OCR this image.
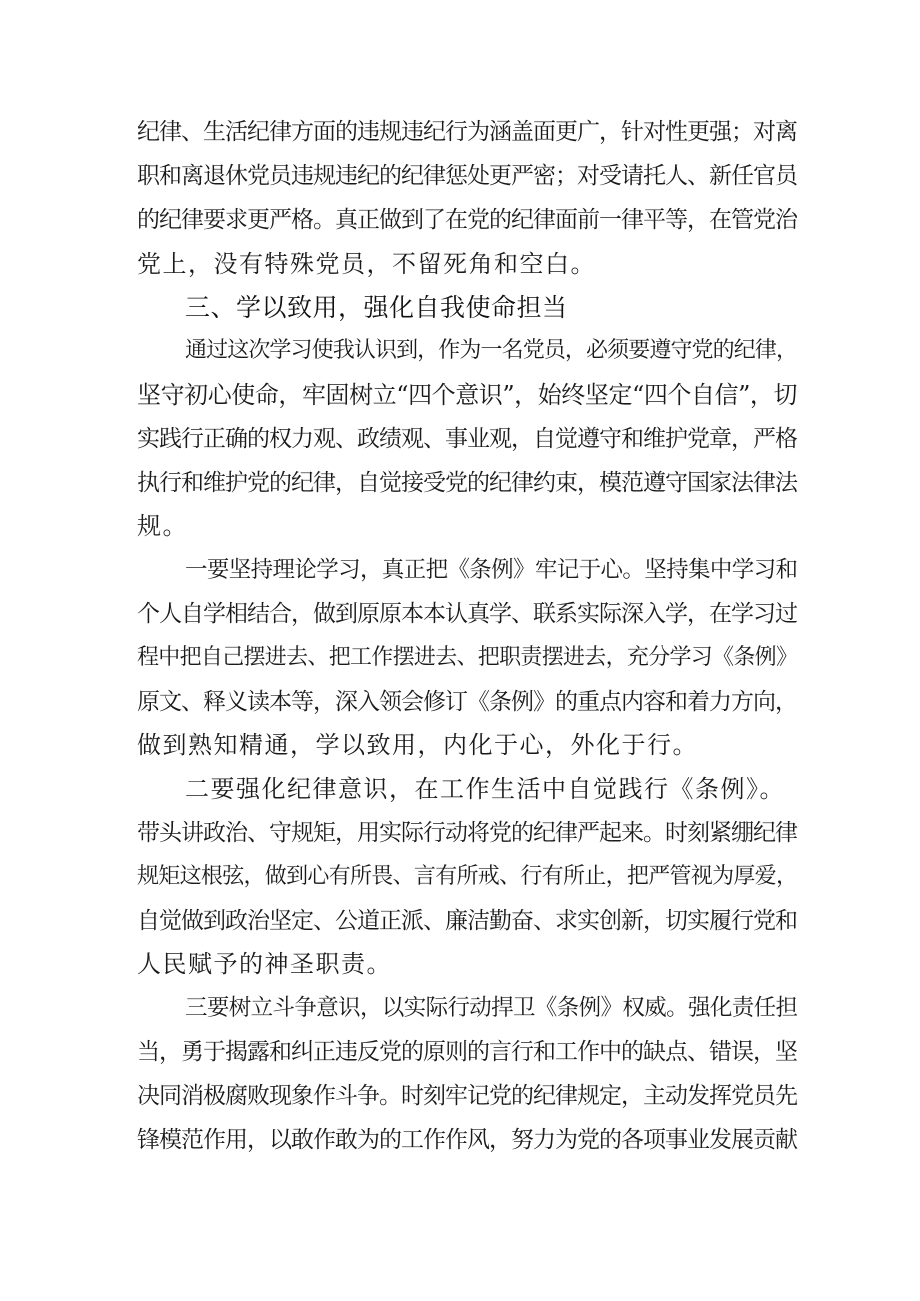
纪律、生活纪律方面的违规违纪行为涵盖面更广，针对性更强；对离
职和离退休党员违规违纪的纪律惩处更严密；对受请托人、新任官员
的纪律要求更严格。真正做到了在党的纪律面前一律平等，在管党治
党上，没有特殊党员，不留死角和空白。
三、学以致用，强化自我使命担当
通过这次学习使我认识到，作为一名党员，必须要遵守党的纪律，
坚守初心使命，牢固树立“四个意识”，始终坚定“四个自信”，切
实践行正确的权力观、政绩观、事业观，自觉遵守和维护党章，严格
执行和维护党的纪律，自觉接受党的纪律约束，模范遵守国家法律法
规。
一要坚持理论学习，真正把《条例》牢记于心。坚持集中学习和
个人自学相结合，做到原原本本认真学、联系实际深入学，在学习过
程中把自己摆进去、把工作摆进去、把职责摆进去，充分学习《条例》
原文、释义读本等，深入领会修订《条例》的重点内容和着力方向，
做到熟知精通，学以致用，内化于心，外化于行。
二要强化纪律意识，在工作生活中自觉践行《条例》。
带头讲政治、守规矩，用实际行动将党的纪律严起来。时刻紧绷纪律
规矩这根弦，做到心有所畏、言有所戒、行有所止，把严管视为厚爱，
自觉做到政治坚定、公道正派、廉洁勤奋、求实创新，切实履行党和
人民赋予的神圣职责。
三要树立斗争意识，以实际行动捍卫《条例》权威。强化责任担
当，勇于揭露和纠正违反党的原则的言行和工作中的缺点、错误，坚
决同消极腐败现象作斗争。时刻牢记党的纪律规定，主动发挥党员先
锋模范作用，以敢作敢为的工作作风，努力为党的各项事业发展贡献
